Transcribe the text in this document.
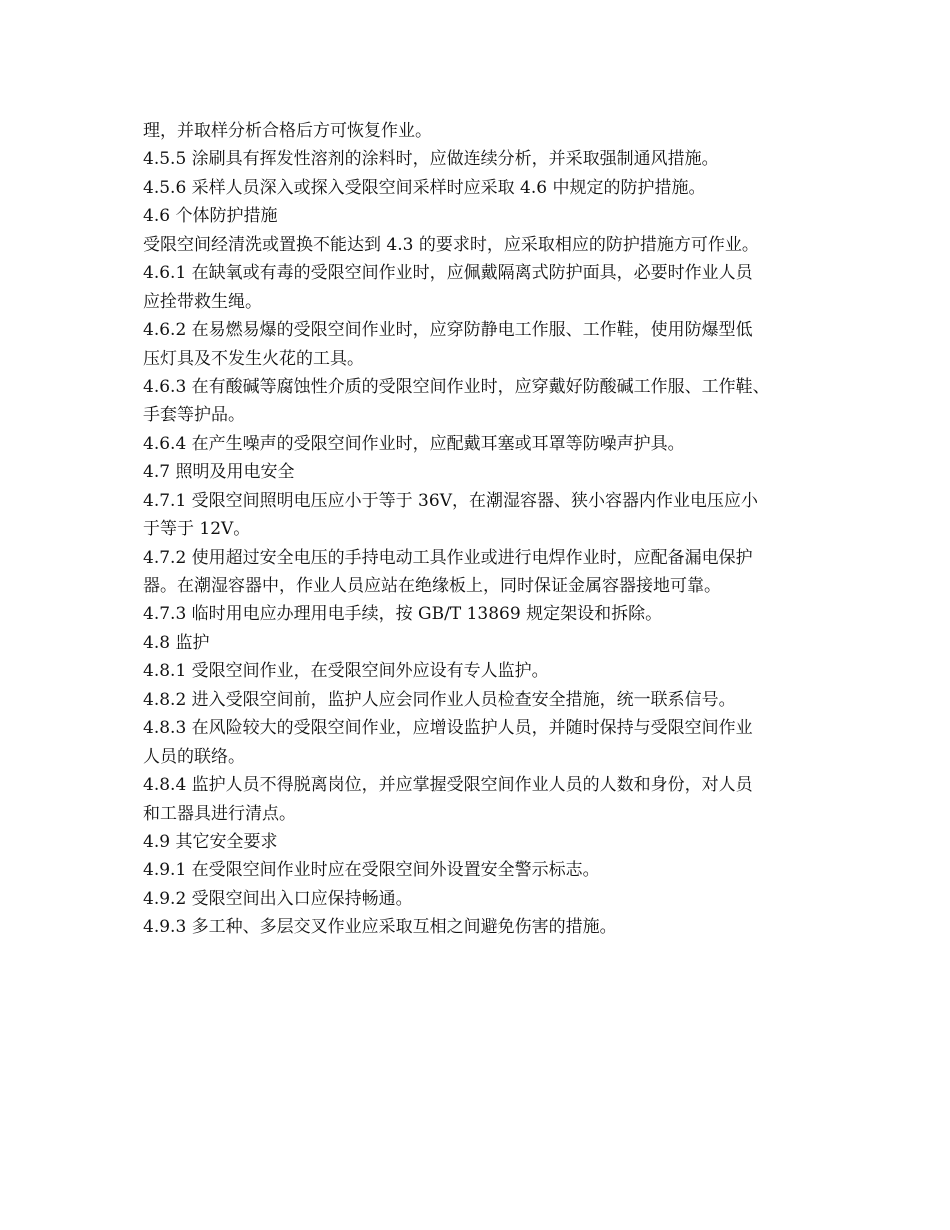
理，并取样分析合格后方可恢复作业。

4.5.5 涂刷具有挥发性溶剂的涂料时，应做连续分析，并采取强制通风措施。

4.5.6 采样人员深入或探入受限空间采样时应采取 4.6 中规定的防护措施。

4.6 个体防护措施

受限空间经清洗或置换不能达到 4.3 的要求时，应采取相应的防护措施方可作业。

4.6.1 在缺氧或有毒的受限空间作业时，应佩戴隔离式防护面具，必要时作业人员

应拴带救生绳。

4.6.2 在易燃易爆的受限空间作业时，应穿防静电工作服、工作鞋，使用防爆型低

压灯具及不发生火花的工具。

4.6.3 在有酸碱等腐蚀性介质的受限空间作业时，应穿戴好防酸碱工作服、工作鞋、

手套等护品。

4.6.4 在产生噪声的受限空间作业时，应配戴耳塞或耳罩等防噪声护具。

4.7 照明及用电安全

4.7.1 受限空间照明电压应小于等于 36V，在潮湿容器、狭小容器内作业电压应小

于等于 12V。

4.7.2 使用超过安全电压的手持电动工具作业或进行电焊作业时，应配备漏电保护

器。在潮湿容器中，作业人员应站在绝缘板上，同时保证金属容器接地可靠。

4.7.3 临时用电应办理用电手续，按 GB/T 13869 规定架设和拆除。

4.8 监护

4.8.1 受限空间作业，在受限空间外应设有专人监护。

4.8.2 进入受限空间前，监护人应会同作业人员检查安全措施，统一联系信号。

4.8.3 在风险较大的受限空间作业，应增设监护人员，并随时保持与受限空间作业

人员的联络。

4.8.4 监护人员不得脱离岗位，并应掌握受限空间作业人员的人数和身份，对人员

和工器具进行清点。

4.9 其它安全要求

4.9.1 在受限空间作业时应在受限空间外设置安全警示标志。

4.9.2 受限空间出入口应保持畅通。

4.9.3 多工种、多层交叉作业应采取互相之间避免伤害的措施。
